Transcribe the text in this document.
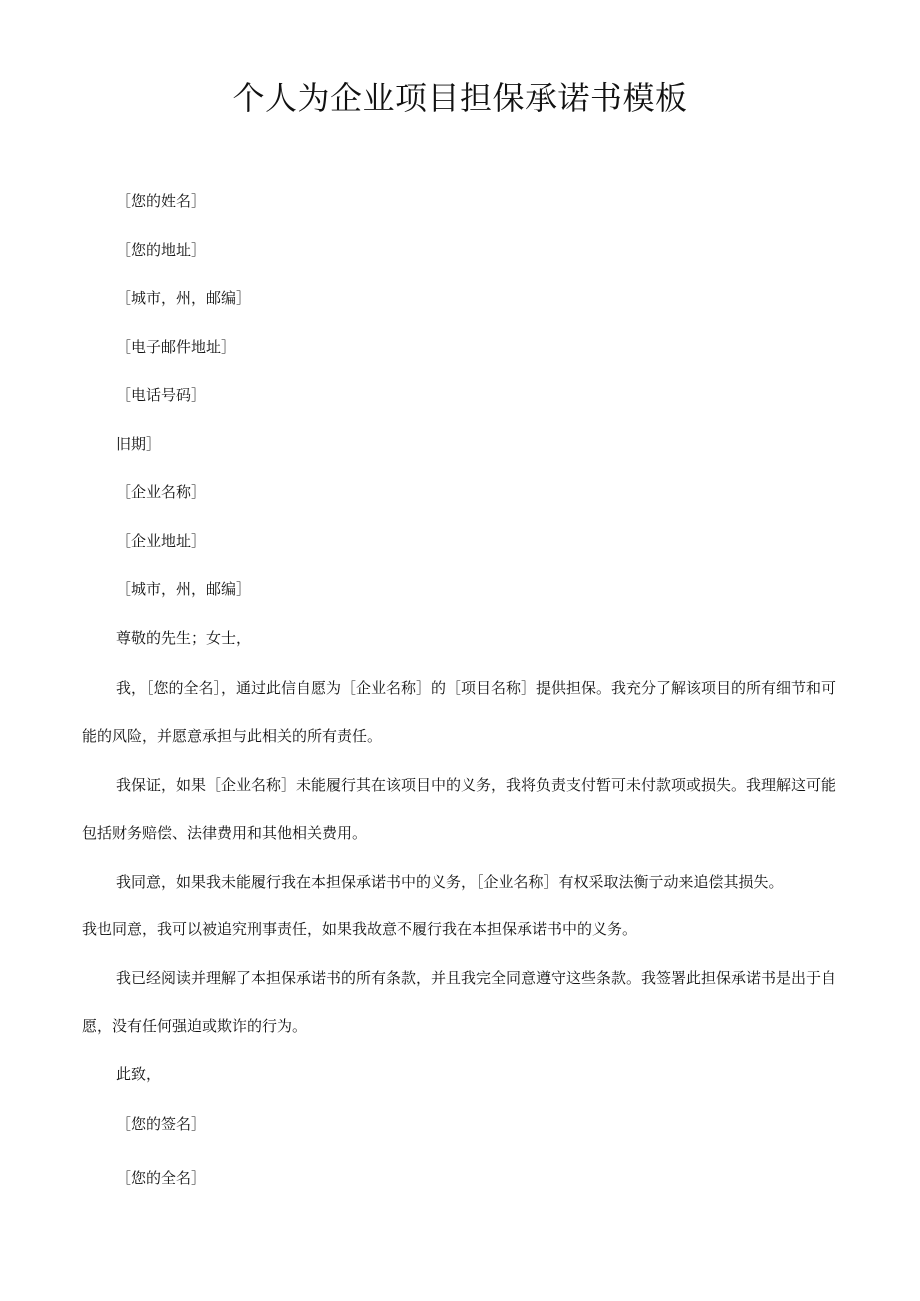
个人为企业项目担保承诺书模板

［您的姓名］

［您的地址］

［城市，州，邮编］

［电子邮件地址］

［电话号码］

旧期］

［企业名称］

［企业地址］

［城市，州，邮编］

尊敬的先生；女士，

我，［您的全名］，通过此信自愿为［企业名称］的［项目名称］提供担保。我充分了解该项目的所有细节和可能的风险，并愿意承担与此相关的所有责任。

我保证，如果［企业名称］未能履行其在该项目中的义务，我将负责支付暂可未付款项或损失。我理解这可能包括财务赔偿、法律费用和其他相关费用。

我同意，如果我未能履行我在本担保承诺书中的义务，［企业名称］有权采取法衡亍动来追偿其损失。

我也同意，我可以被追究刑事责任，如果我故意不履行我在本担保承诺书中的义务。

我已经阅读并理解了本担保承诺书的所有条款，并且我完全同意遵守这些条款。我签署此担保承诺书是出于自愿，没有任何强迫或欺诈的行为。

此致，

［您的签名］

［您的全名］
